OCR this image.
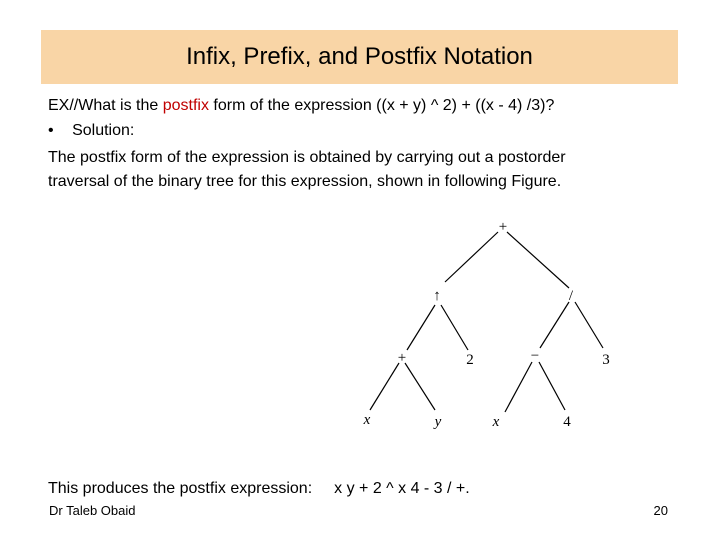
Infix, Prefix, and Postfix Notation
EX//What is the postfix form of the expression ((x + y) ^ 2) + ((x - 4) /3)?
• Solution:
The postfix form of the expression is obtained by carrying out a postorder
traversal of the binary tree for this expression, shown in following Figure.
+
↑	/
+	2	−	3
x	y	x	4
This produces the postfix expression: x y + 2 ^ x 4 - 3 / +.
Dr Taleb Obaid	20
